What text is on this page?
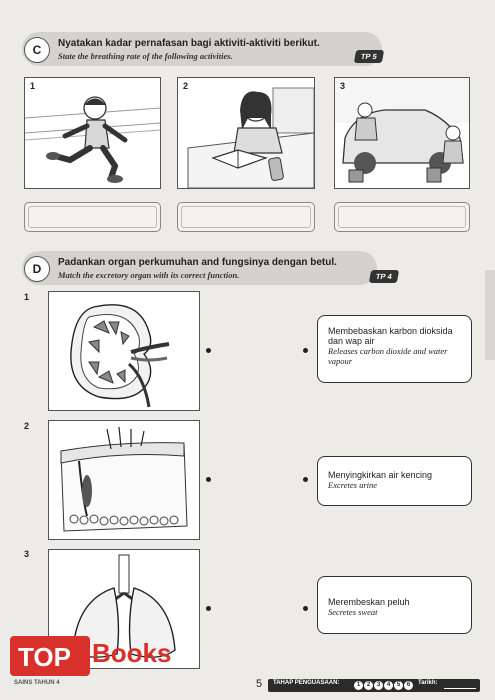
C	Nyatakan kadar pernafasan bagi aktiviti-aktiviti berikut.
State the breathing rate of the following activities.	TP 5
1	2	3
D	Padankan organ perkumuhan and fungsinya dengan betul.
Match the excretory organ with its correct function.	TP 4
1
2
3
Membebaskan karbon dioksida dan wap air
Releases carbon dioxide and water vapour
Menyingkirkan air kencing
Excretes urine
Merembeskan peluh
Secretes sweat
TOP Books
SAINS TAHUN 4	5 TAHAP PENGUASAAN:	1	2	3	4	5	6	Tarikh:
